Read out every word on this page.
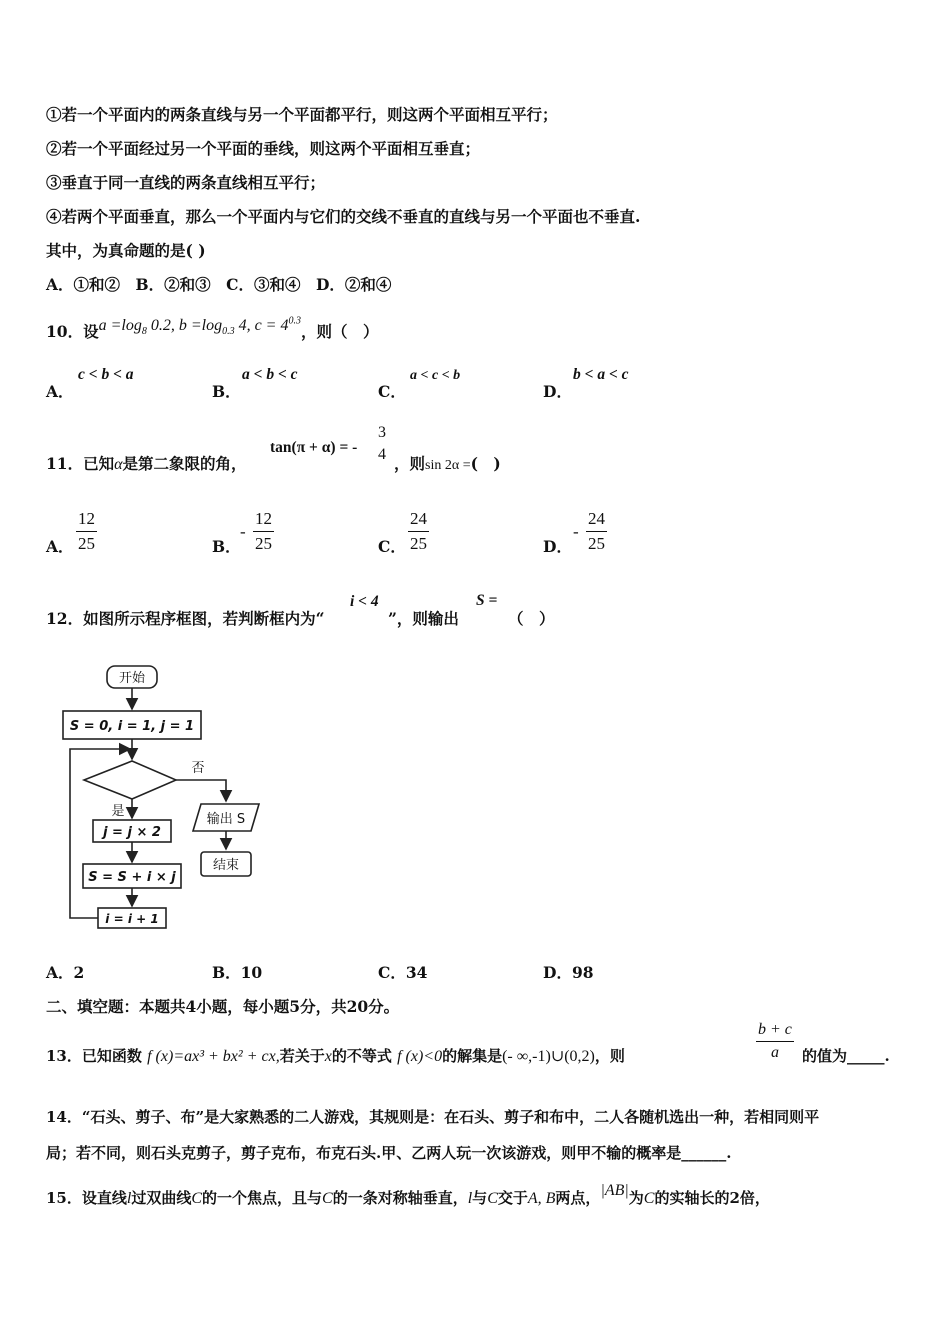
①若一个平面内的两条直线与另一个平面都平行，则这两个平面相互平行；
②若一个平面经过另一个平面的垂线，则这两个平面相互垂直；
③垂直于同一直线的两条直线相互平行；
④若两个平面垂直，那么一个平面内与它们的交线不垂直的直线与另一个平面也不垂直.
其中，为真命题的是( )
A．①和②　B．②和③　C．③和④　D．②和④
10．设$a =\log_8$ 0.2, $b =\log_{0.3}$ 4, $c = 4^{0.3}$，则（　）
A．
c < b < a
B．
a < b < c
C．
a < c < b
D．
b < a < c
11．已知α是第二象限的角，
tan(π + α) = -
3
4 ，则sin 2α =(　)
A． $\frac{12}{25}$	B．
- $\frac{12}{25}$	C． $\frac{24}{25}$	D．
- $\frac{24}{25}$
12．如图所示程序框图，若判断框内为“
i < 4
”，则输出
S =
（　）
开始
S = 0, i = 1, j = 1
否
是
输出 S
结束
j = j × 2
S = S + i × j
i = i + 1
A．2	B．10	C．34	D．98
二、填空题：本题共4小题，每小题5分，共20分。
13．已知函数 f (x)=ax³ + bx² + cx,若关于x的不等式 f (x)<0的解集是(- ∞,-1)∪(0,2)，则	$\frac{b + c}{a}$ 的值为_____.
14．“石头、剪子、布”是大家熟悉的二人游戏，其规则是：在石头、剪子和布中，二人各随机选出一种，若相同则平
局；若不同，则石头克剪子，剪子克布，布克石头.甲、乙两人玩一次该游戏，则甲不输的概率是______.
15．设直线l过双曲线C的一个焦点，且与C的一条对称轴垂直，l与C交于A, B两点，|AB|为C的实轴长的2倍，
